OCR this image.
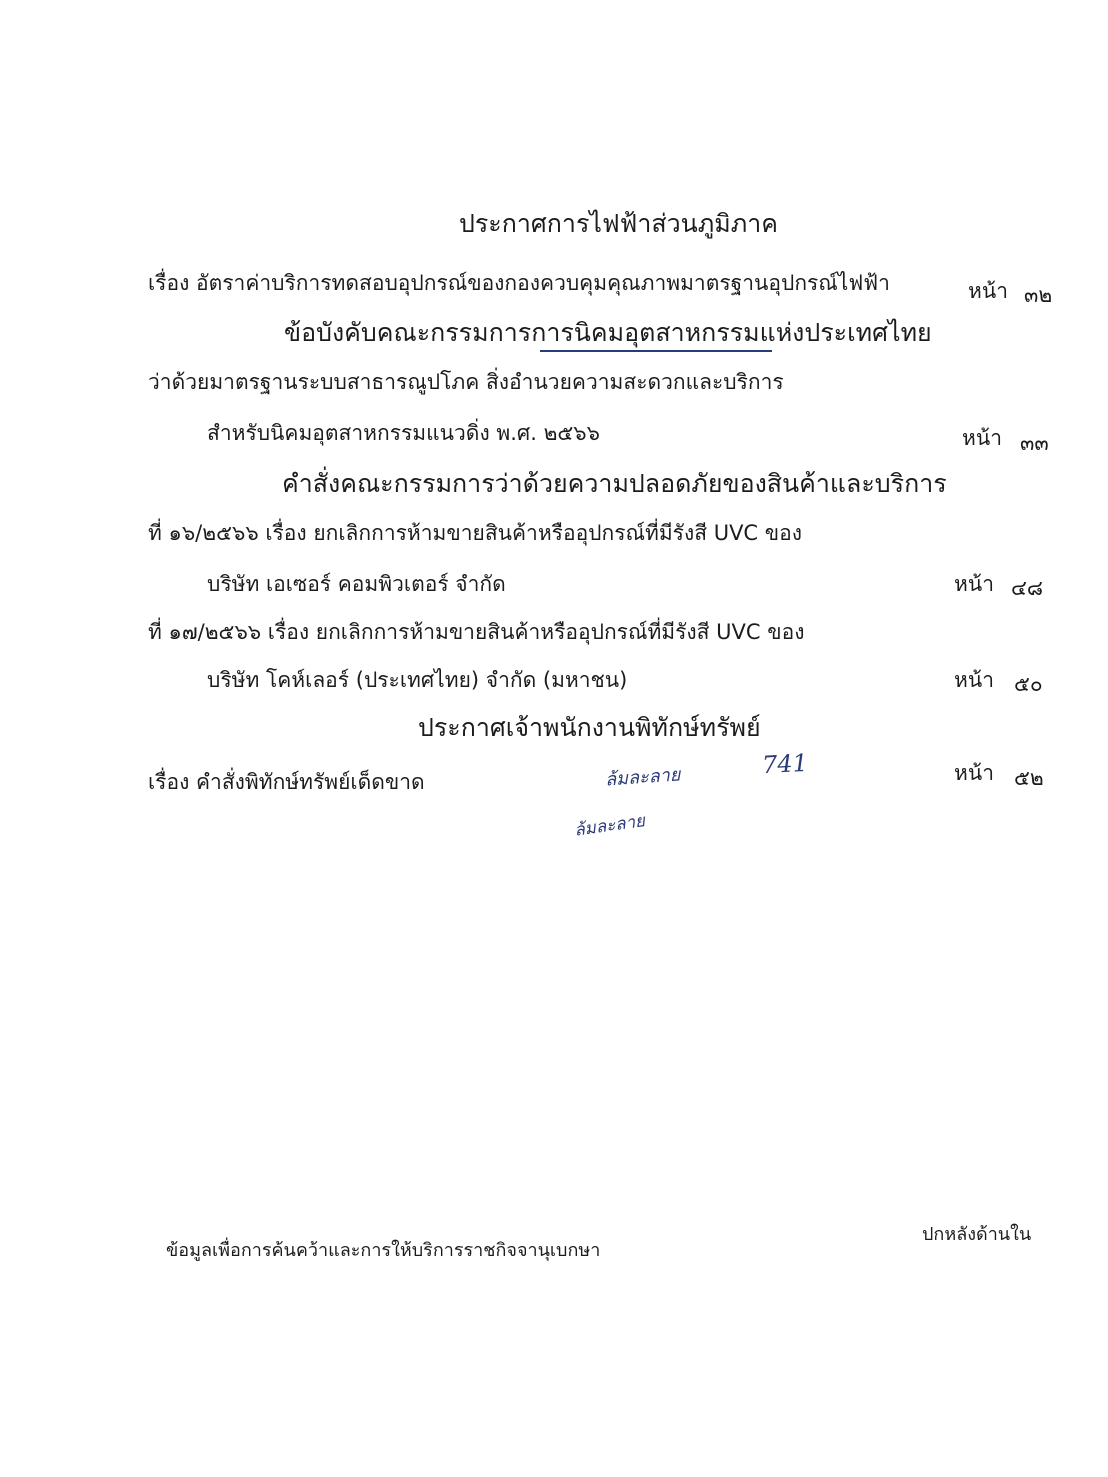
ประกาศการไฟฟ้าส่วนภูมิภาค
เรื่อง อัตราค่าบริการทดสอบอุปกรณ์ของกองควบคุมคุณภาพมาตรฐานอุปกรณ์ไฟฟ้า	หน้า ๓๒
ข้อบังคับคณะกรรมการการนิคมอุตสาหกรรมแห่งประเทศไทย
ว่าด้วยมาตรฐานระบบสาธารณูปโภค สิ่งอำนวยความสะดวกและบริการ
สำหรับนิคมอุตสาหกรรมแนวดิ่ง พ.ศ. ๒๕๖๖	หน้า ๓๓
คำสั่งคณะกรรมการว่าด้วยความปลอดภัยของสินค้าและบริการ
ที่ ๑๖/๒๕๖๖ เรื่อง ยกเลิกการห้ามขายสินค้าหรืออุปกรณ์ที่มีรังสี UVC ของ
บริษัท เอเซอร์ คอมพิวเตอร์ จำกัด	หน้า ๔๘
ที่ ๑๗/๒๕๖๖ เรื่อง ยกเลิกการห้ามขายสินค้าหรืออุปกรณ์ที่มีรังสี UVC ของ
บริษัท โคห์เลอร์ (ประเทศไทย) จำกัด (มหาชน)	หน้า ๕๐
ประกาศเจ้าพนักงานพิทักษ์ทรัพย์
เรื่อง คำสั่งพิทักษ์ทรัพย์เด็ดขาด	หน้า ๕๒
ล้มละลาย	741
ล้มละลาย
ปกหลังด้านใน
ข้อมูลเพื่อการค้นคว้าและการให้บริการราชกิจจานุเบกษา
